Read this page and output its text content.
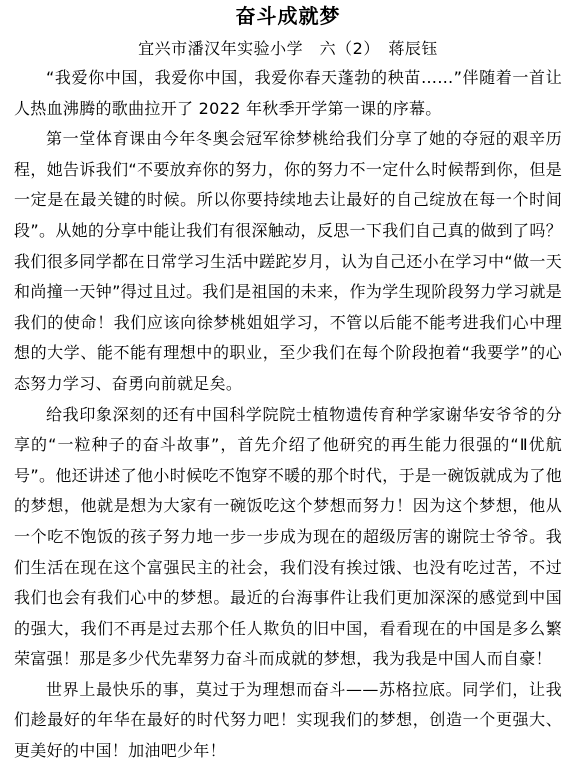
奋斗成就梦
宜兴市潘汉年实验小学　六（2）　蒋辰钰

“我爱你中国，我爱你中国，我爱你春天蓬勃的秧苗……”伴随着一首让人热血沸腾的歌曲拉开了 2022 年秋季开学第一课的序幕。

第一堂体育课由今年冬奥会冠军徐梦桃给我们分享了她的夺冠的艰辛历程，她告诉我们“不要放弃你的努力，你的努力不一定什么时候帮到你，但是一定是在最关键的时候。所以你要持续地去让最好的自己绽放在每一个时间段”。从她的分享中能让我们有很深触动，反思一下我们自己真的做到了吗？我们很多同学都在日常学习生活中蹉跎岁月，认为自己还小在学习中“做一天和尚撞一天钟”得过且过。我们是祖国的未来，作为学生现阶段努力学习就是我们的使命！我们应该向徐梦桃姐姐学习，不管以后能不能考进我们心中理想的大学、能不能有理想中的职业，至少我们在每个阶段抱着“我要学”的心态努力学习、奋勇向前就足矣。

给我印象深刻的还有中国科学院院士植物遗传育种学家谢华安爷爷的分享的“一粒种子的奋斗故事”，首先介绍了他研究的再生能力很强的“Ⅱ优航号”。他还讲述了他小时候吃不饱穿不暖的那个时代，于是一碗饭就成为了他的梦想，他就是想为大家有一碗饭吃这个梦想而努力！因为这个梦想，他从一个吃不饱饭的孩子努力地一步一步成为现在的超级厉害的谢院士爷爷。我们生活在现在这个富强民主的社会，我们没有挨过饿、也没有吃过苦，不过我们也会有我们心中的梦想。最近的台海事件让我们更加深深的感觉到中国的强大，我们不再是过去那个任人欺负的旧中国，看看现在的中国是多么繁荣富强！那是多少代先辈努力奋斗而成就的梦想，我为我是中国人而自豪！

世界上最快乐的事，莫过于为理想而奋斗——苏格拉底。同学们，让我们趁最好的年华在最好的时代努力吧！实现我们的梦想，创造一个更强大、更美好的中国！加油吧少年！
